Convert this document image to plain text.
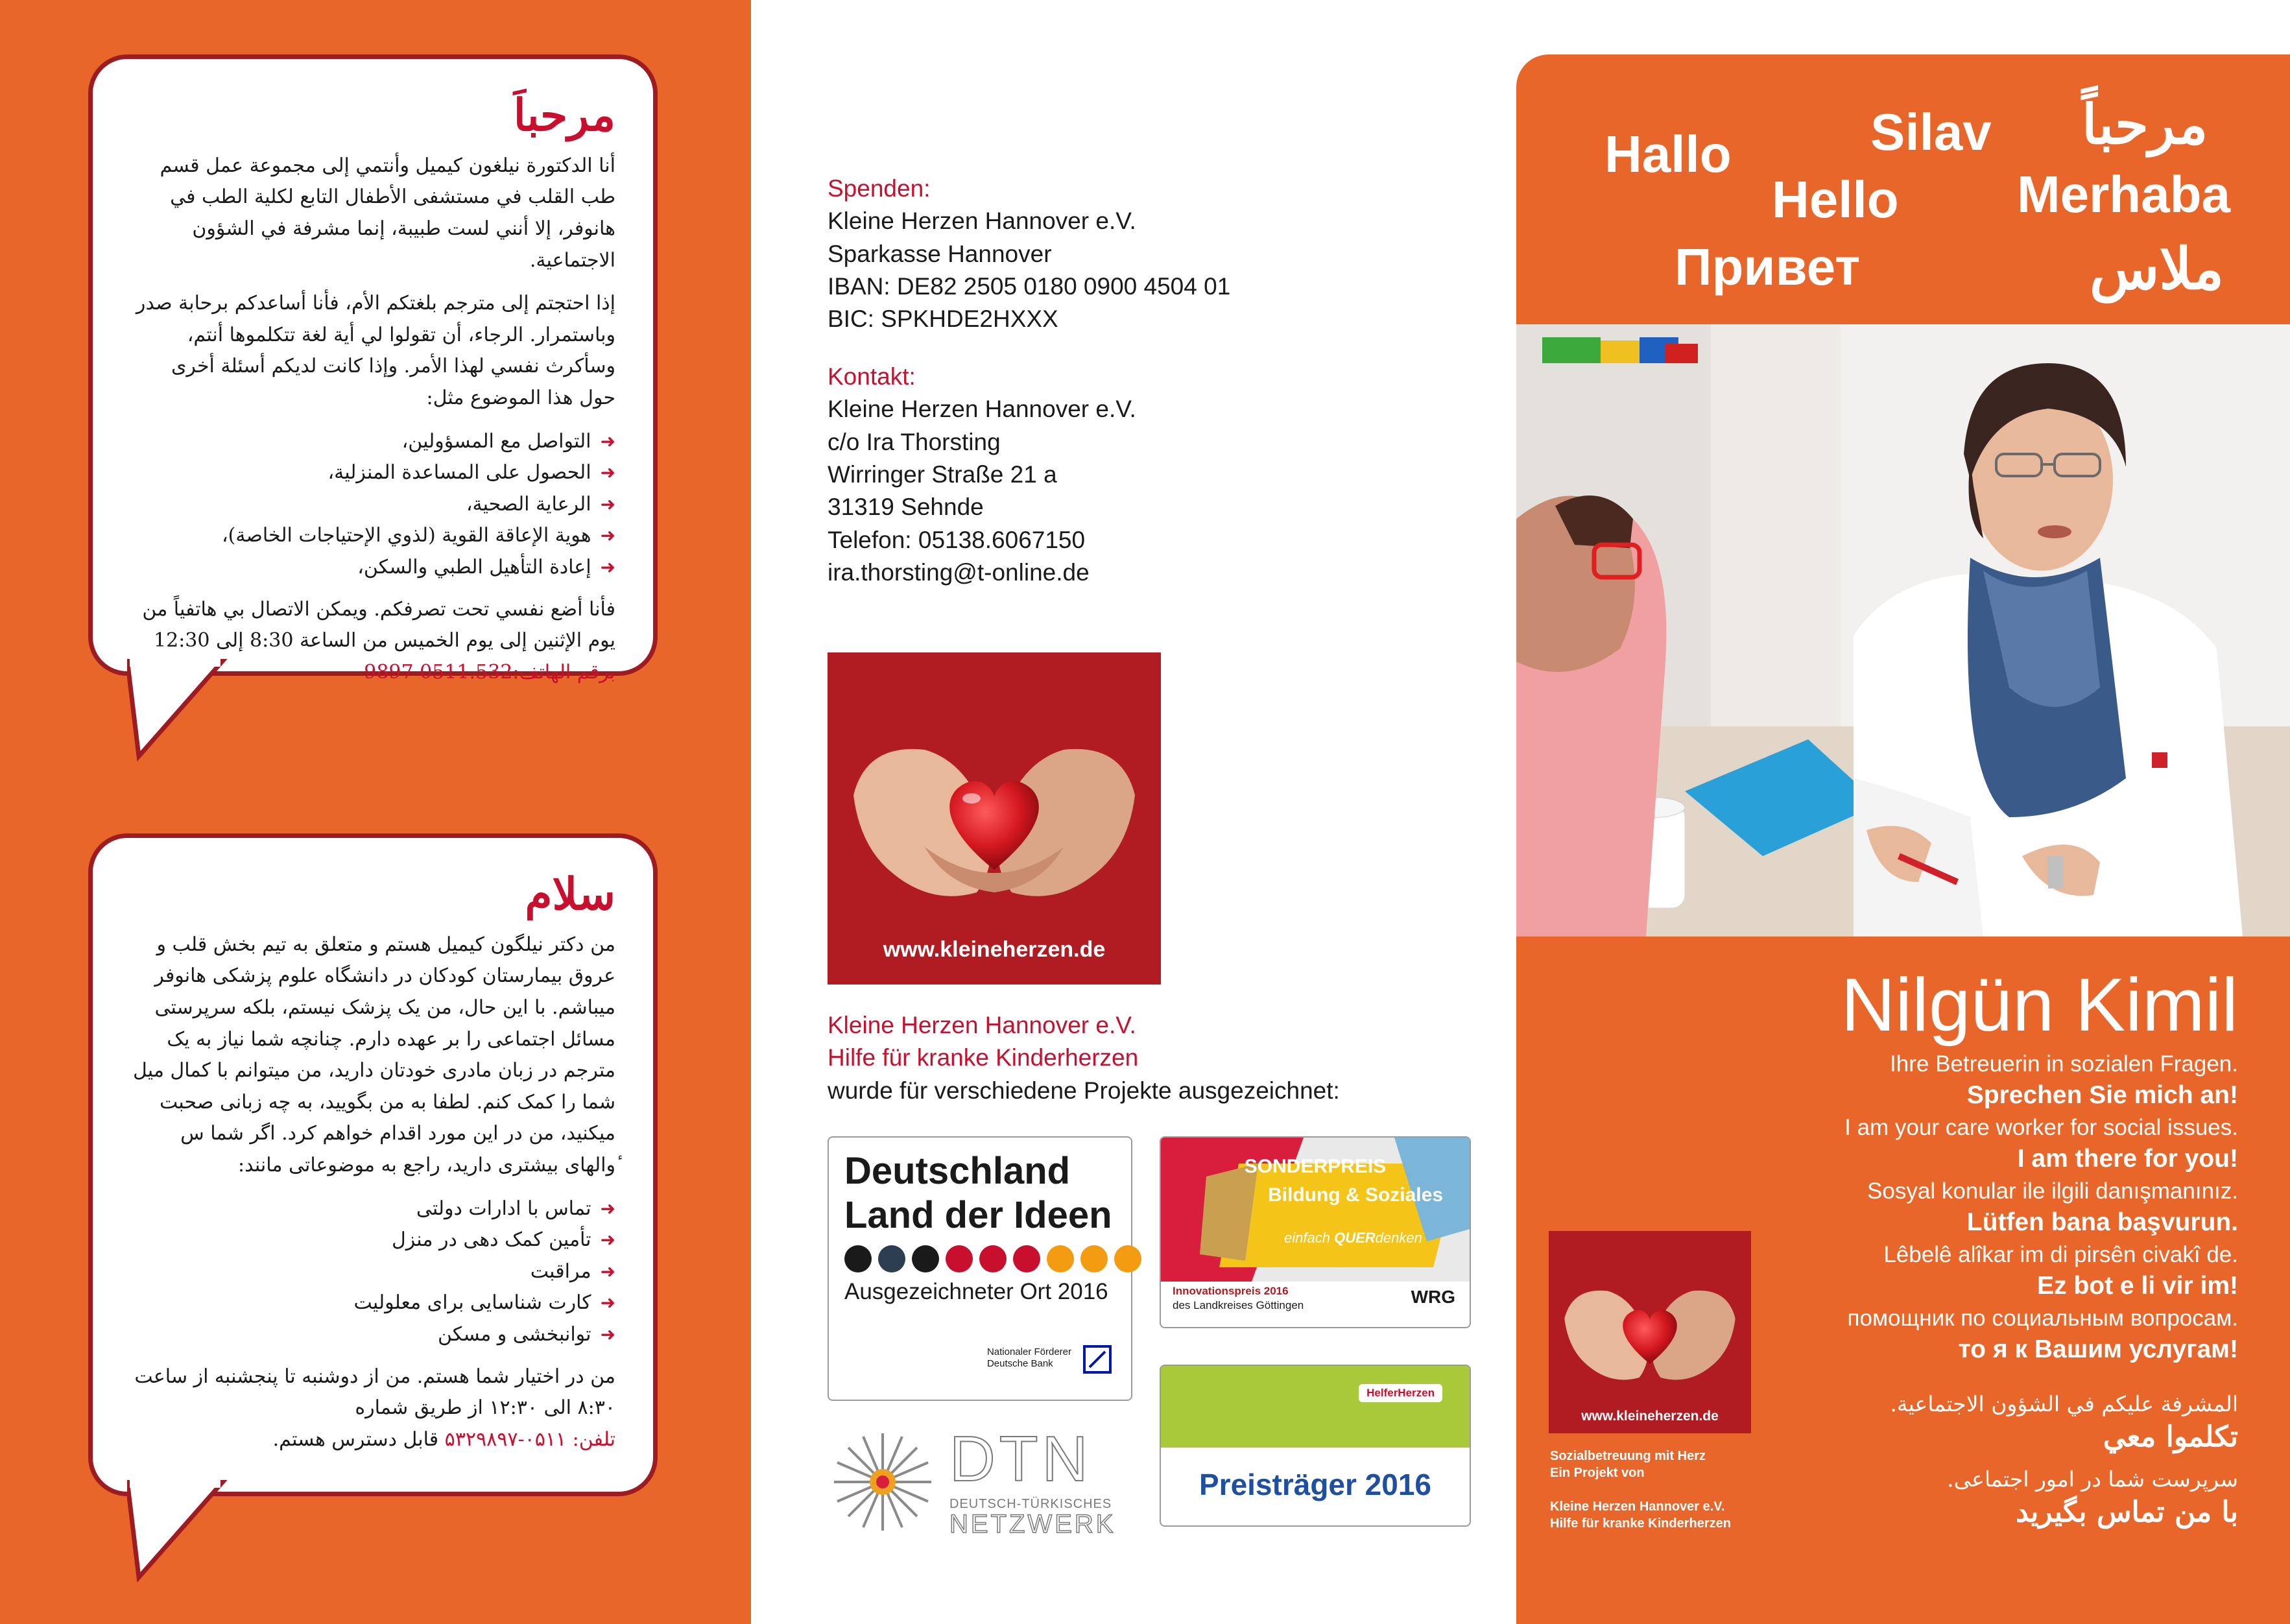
مرحباَ

أنا الدكتورة نيلغون كيميل وأنتمي إلى مجموعة عمل قسم طب القلب في مستشفى الأطفال التابع لكلية الطب في هانوفر، إلا أنني لست طبيبة، إنما مشرفة في الشؤون الاجتماعية.

إذا احتجتم إلى مترجم بلغتكم الأم، فأنا أساعدكم برحابة صدر وباستمرار. الرجاء، أن تقولوا لي أية لغة تتكلموها أنتم، وسأكرث نفسي لهذا الأمر. وإذا كانت لديكم أسئلة أخرى حول هذا الموضوع مثل:

➜التواصل مع المسؤولين،
➜الحصول على المساعدة المنزلية،
➜الرعاية الصحية،
➜هوية الإعاقة القوية (لذوي الإحتياجات الخاصة)،
➜إعادة التأهيل الطبي والسكن،

فأنا أضع نفسي تحت تصرفكم. ويمكن الاتصال بي هاتفياً من يوم الإثنين إلى يوم الخميس من الساعة 8:30 إلى 12:30
برقم الهاتف:0511.532 9897

سلام

من دکتر نیلگون کیمیل هستم و متعلق به تیم بخش قلب و عروق بیمارستان کودکان در دانشگاه علوم پزشکی هانوفر میباشم. با این حال، من یک پزشک نیستم، بلکه سرپرستی مسائل اجتماعی را بر عهده دارم. چنانچه شما نیاز به یک مترجم در زبان مادری خودتان دارید، من میتوانم با کمال میل شما را کمک کنم. لطفا به من بگویید، به چه زبانی صحبت میکنید، من در این مورد اقدام خواهم کرد. اگر شما س ٔوالهای بیشتری دارید، راجع به موضوعاتی مانند:

➜تماس با ادارات دولتی
➜تأمین کمک دهی در منزل
➜مراقبت
➜کارت شناسایی برای معلولیت
➜توانبخشی و مسکن

من در اختیار شما هستم. من از دوشنبه تا پنجشنبه از ساعت ۸:۳۰ الی ۱۲:۳۰ از طریق شماره
تلفن: ۰۵۱۱-۵۳۲۹۸۹۷ قابل دسترس هستم.

Spenden:
Kleine Herzen Hannover e.V.
Sparkasse Hannover
IBAN: DE82 2505 0180 0900 4504 01
BIC: SPKHDE2HXXX
Kontakt:
Kleine Herzen Hannover e.V.
c/o Ira Thorsting
Wirringer Straße 21 a
31319 Sehnde
Telefon: 05138.6067150
ira.thorsting@t-online.de
www.kleineherzen.de
Kleine Herzen Hannover e.V.
Hilfe für kranke Kinderherzen
wurde für verschiedene Projekte ausgezeichnet:
Deutschland
Land der Ideen
Ausgezeichneter Ort 2016
Nationaler Förderer
Deutsche Bank
SONDERPREIS
Bildung & Soziales
einfach QUERdenken
Innovationspreis 2016
des Landkreises Göttingen	WRG
HelferHerzen
Preisträger 2016
DTN
DEUTSCH-TÜRKISCHES
NETZWERK
Hallo	Silav
Hello
Привет
مرحباً
Merhaba
ملاس
Nilgün Kimil
Ihre Betreuerin in sozialen Fragen.
Sprechen Sie mich an!
I am your care worker for social issues.
I am there for you!
Sosyal konular ile ilgili danışmanınız.
Lütfen bana başvurun.
Lêbelê alîkar im di pirsên civakî de.
Ez bot e li vir im!
помощник по социальным вопросам.
то я к Вашим услугам!
المشرفة عليكم في الشؤون الاجتماعية.
تكلموا معي
سرپرست شما در امور اجتماعی.
با من تماس بگیرید
www.kleineherzen.de
Sozialbetreuung mit Herz
Ein Projekt von
Kleine Herzen Hannover e.V.
Hilfe für kranke Kinderherzen
